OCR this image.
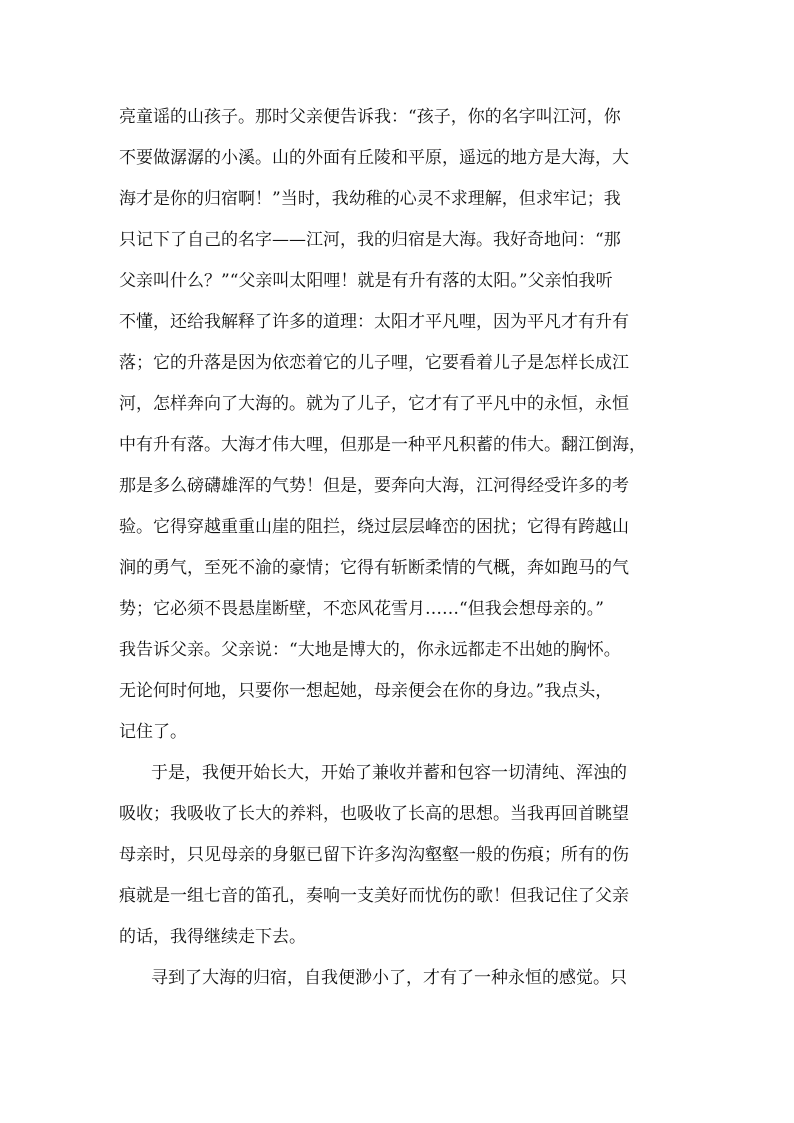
亮童谣的山孩子。那时父亲便告诉我：“孩子，你的名字叫江河，你
不要做潺潺的小溪。山的外面有丘陵和平原，遥远的地方是大海，大
海才是你的归宿啊！”当时，我幼稚的心灵不求理解，但求牢记；我
只记下了自己的名字——江河，我的归宿是大海。我好奇地问：“那
父亲叫什么？”“父亲叫太阳哩！就是有升有落的太阳。”父亲怕我听
不懂，还给我解释了许多的道理：太阳才平凡哩，因为平凡才有升有
落；它的升落是因为依恋着它的儿子哩，它要看着儿子是怎样长成江
河，怎样奔向了大海的。就为了儿子，它才有了平凡中的永恒，永恒
中有升有落。大海才伟大哩，但那是一种平凡积蓄的伟大。翻江倒海，
那是多么磅礴雄浑的气势！但是，要奔向大海，江河得经受许多的考
验。它得穿越重重山崖的阻拦，绕过层层峰峦的困扰；它得有跨越山
涧的勇气，至死不渝的豪情；它得有斩断柔情的气概，奔如跑马的气
势；它必须不畏悬崖断壁，不恋风花雪月……“但我会想母亲的。”
我告诉父亲。父亲说：“大地是博大的，你永远都走不出她的胸怀。
无论何时何地，只要你一想起她，母亲便会在你的身边。”我点头，
记住了。
于是，我便开始长大，开始了兼收并蓄和包容一切清纯、浑浊的
吸收；我吸收了长大的养料，也吸收了长高的思想。当我再回首眺望
母亲时，只见母亲的身躯已留下许多沟沟壑壑一般的伤痕；所有的伤
痕就是一组七音的笛孔，奏响一支美好而忧伤的歌！但我记住了父亲
的话，我得继续走下去。
寻到了大海的归宿，自我便渺小了，才有了一种永恒的感觉。只
